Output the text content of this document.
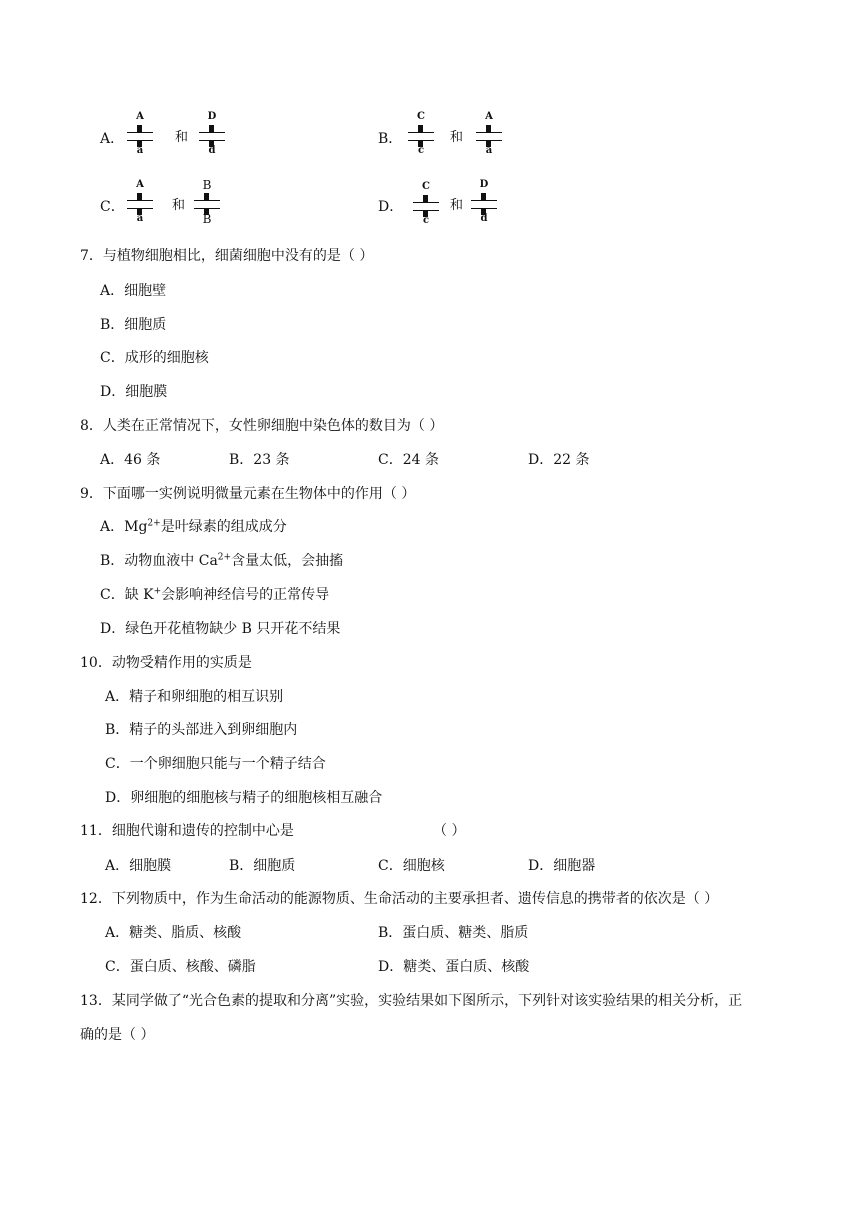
A．
A
a
和
D
d
B．
C
c
和
A
a
C．
A
a
和
B
B
D．
C
c
和
D
d
7．与植物细胞相比，细菌细胞中没有的是（ ）
A．细胞壁
B．细胞质
C．成形的细胞核
D．细胞膜
8．人类在正常情况下，女性卵细胞中染色体的数目为（ ）
A．46 条	B．23 条	C．24 条	D．22 条
9．下面哪一实例说明微量元素在生物体中的作用（ ）
A．$Mg^{2+}$是叶绿素的组成成分
B．动物血液中 $Ca^{2+}$含量太低，会抽搐
C．缺 K+会影响神经信号的正常传导
D．绿色开花植物缺少 B 只开花不结果
10．动物受精作用的实质是
A．精子和卵细胞的相互识别
B．精子的头部进入到卵细胞内
C．一个卵细胞只能与一个精子结合
D．卵细胞的细胞核与精子的细胞核相互融合
11．细胞代谢和遗传的控制中心是	（ ）
A．细胞膜	B．细胞质	C．细胞核	D．细胞器
12．下列物质中，作为生命活动的能源物质、生命活动的主要承担者、遗传信息的携带者的依次是（ ）
A．糖类、脂质、核酸	B．蛋白质、糖类、脂质
C．蛋白质、核酸、磷脂	D．糖类、蛋白质、核酸
13．某同学做了“光合色素的提取和分离”实验，实验结果如下图所示，下列针对该实验结果的相关分析，正
确的是（ ）
